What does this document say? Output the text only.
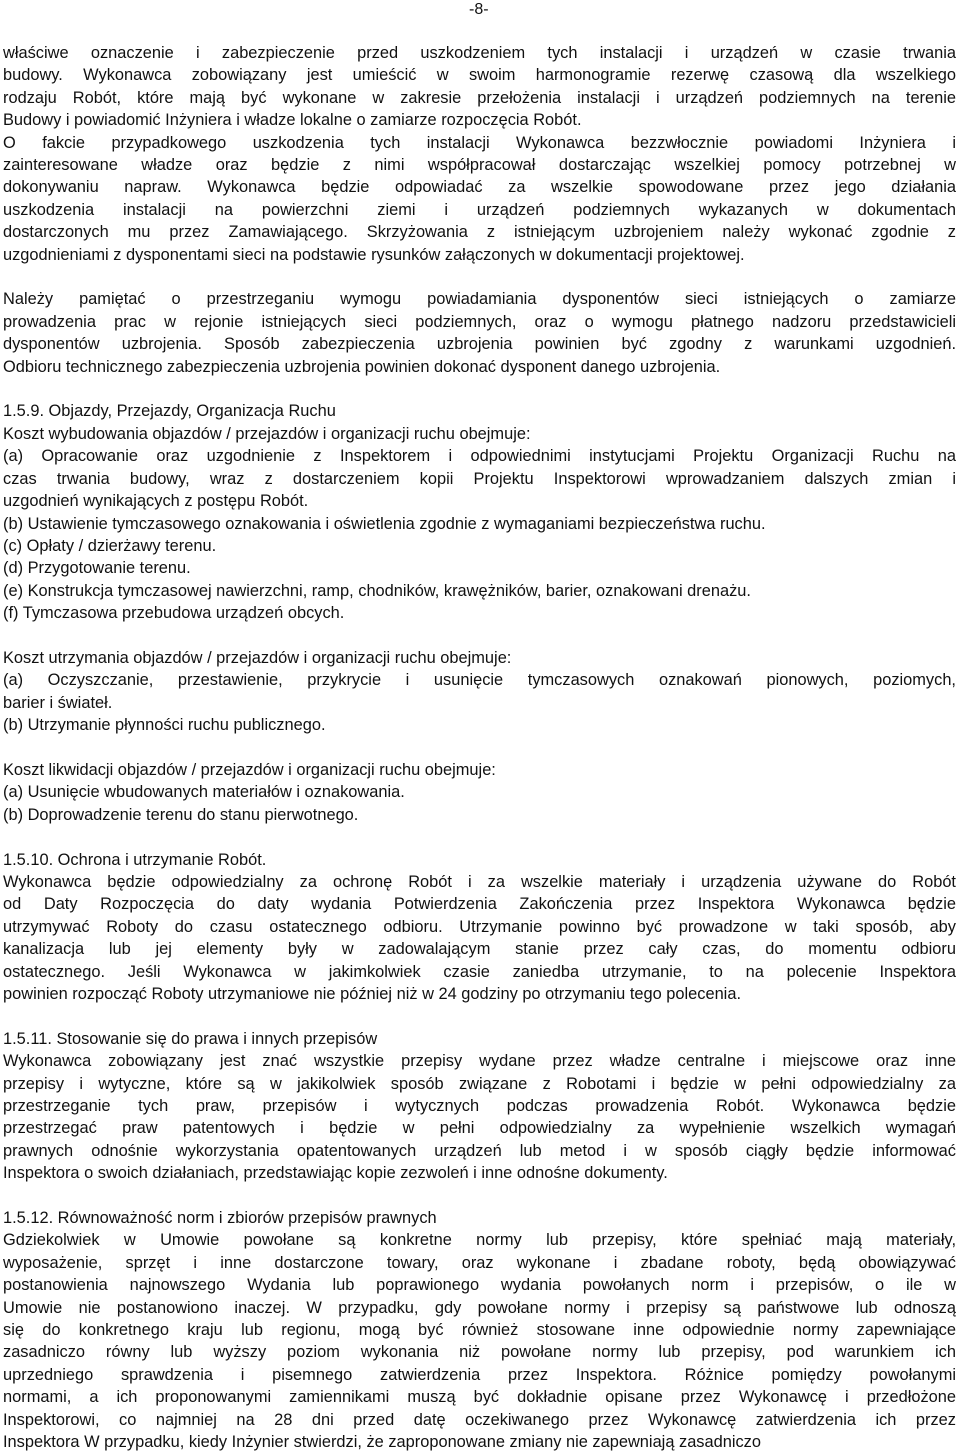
-8-

właściwe oznaczenie i zabezpieczenie przed uszkodzeniem tych instalacji i urządzeń w czasie trwania
budowy. Wykonawca zobowiązany jest umieścić w swoim harmonogramie rezerwę czasową dla wszelkiego
rodzaju Robót, które mają być wykonane w zakresie przełożenia instalacji i urządzeń podziemnych na terenie
Budowy i powiadomić Inżyniera i władze lokalne o zamiarze rozpoczęcia Robót.
O fakcie przypadkowego uszkodzenia tych instalacji Wykonawca bezzwłocznie powiadomi Inżyniera i
zainteresowane władze oraz będzie z nimi współpracował dostarczając wszelkiej pomocy potrzebnej w
dokonywaniu napraw. Wykonawca będzie odpowiadać za wszelkie spowodowane przez jego działania
uszkodzenia instalacji na powierzchni ziemi i urządzeń podziemnych wykazanych w dokumentach
dostarczonych mu przez Zamawiającego. Skrzyżowania z istniejącym uzbrojeniem należy wykonać zgodnie z
uzgodnieniami z dysponentami sieci na podstawie rysunków załączonych w dokumentacji projektowej.

Należy pamiętać o przestrzeganiu wymogu powiadamiania dysponentów sieci istniejących o zamiarze
prowadzenia prac w rejonie istniejących sieci podziemnych, oraz o wymogu płatnego nadzoru przedstawicieli
dysponentów uzbrojenia. Sposób zabezpieczenia uzbrojenia powinien być zgodny z warunkami uzgodnień.
Odbioru technicznego zabezpieczenia uzbrojenia powinien dokonać dysponent danego uzbrojenia.

1.5.9. Objazdy, Przejazdy, Organizacja Ruchu
Koszt wybudowania objazdów / przejazdów i organizacji ruchu obejmuje:
(a) Opracowanie oraz uzgodnienie z Inspektorem i odpowiednimi instytucjami Projektu Organizacji Ruchu na
czas trwania budowy, wraz z dostarczeniem kopii Projektu Inspektorowi wprowadzaniem dalszych zmian i
uzgodnień wynikających z postępu Robót.
(b) Ustawienie tymczasowego oznakowania i oświetlenia zgodnie z wymaganiami bezpieczeństwa ruchu.
(c) Opłaty / dzierżawy terenu.
(d) Przygotowanie terenu.
(e) Konstrukcja tymczasowej nawierzchni, ramp, chodników, krawężników, barier, oznakowani drenażu.
(f) Tymczasowa przebudowa urządzeń obcych.

Koszt utrzymania objazdów / przejazdów i organizacji ruchu obejmuje:
(a) Oczyszczanie, przestawienie, przykrycie i usunięcie tymczasowych oznakowań pionowych, poziomych,
barier i świateł.
(b) Utrzymanie płynności ruchu publicznego.

Koszt likwidacji objazdów / przejazdów i organizacji ruchu obejmuje:
(a) Usunięcie wbudowanych materiałów i oznakowania.
(b) Doprowadzenie terenu do stanu pierwotnego.

1.5.10. Ochrona i utrzymanie Robót.
Wykonawca będzie odpowiedzialny za ochronę Robót i za wszelkie materiały i urządzenia używane do Robót
od Daty Rozpoczęcia do daty wydania Potwierdzenia Zakończenia przez Inspektora Wykonawca będzie
utrzymywać Roboty do czasu ostatecznego odbioru. Utrzymanie powinno być prowadzone w taki sposób, aby
kanalizacja lub jej elementy były w zadowalającym stanie przez cały czas, do momentu odbioru
ostatecznego. Jeśli Wykonawca w jakimkolwiek czasie zaniedba utrzymanie, to na polecenie Inspektora
powinien rozpocząć Roboty utrzymaniowe nie później niż w 24 godziny po otrzymaniu tego polecenia.

1.5.11. Stosowanie się do prawa i innych przepisów
Wykonawca zobowiązany jest znać wszystkie przepisy wydane przez władze centralne i miejscowe oraz inne
przepisy i wytyczne, które są w jakikolwiek sposób związane z Robotami i będzie w pełni odpowiedzialny za
przestrzeganie tych praw, przepisów i wytycznych podczas prowadzenia Robót. Wykonawca będzie
przestrzegać praw patentowych i będzie w pełni odpowiedzialny za wypełnienie wszelkich wymagań
prawnych odnośnie wykorzystania opatentowanych urządzeń lub metod i w sposób ciągły będzie informować
Inspektora o swoich działaniach, przedstawiając kopie zezwoleń i inne odnośne dokumenty.

1.5.12. Równoważność norm i zbiorów przepisów prawnych
Gdziekolwiek w Umowie powołane są konkretne normy lub przepisy, które spełniać mają materiały,
wyposażenie, sprzęt i inne dostarczone towary, oraz wykonane i zbadane roboty, będą obowiązywać
postanowienia najnowszego Wydania lub poprawionego wydania powołanych norm i przepisów, o ile w
Umowie nie postanowiono inaczej. W przypadku, gdy powołane normy i przepisy są państwowe lub odnoszą
się do konkretnego kraju lub regionu, mogą być również stosowane inne odpowiednie normy zapewniające
zasadniczo równy lub wyższy poziom wykonania niż powołane normy lub przepisy, pod warunkiem ich
uprzedniego sprawdzenia i pisemnego zatwierdzenia przez Inspektora. Różnice pomiędzy powołanymi
normami, a ich proponowanymi zamiennikami muszą być dokładnie opisane przez Wykonawcę i przedłożone
Inspektorowi, co najmniej na 28 dni przed datę oczekiwanego przez Wykonawcę zatwierdzenia ich przez
Inspektora W przypadku, kiedy Inżynier stwierdzi, że zaproponowane zmiany nie zapewniają zasadniczo
